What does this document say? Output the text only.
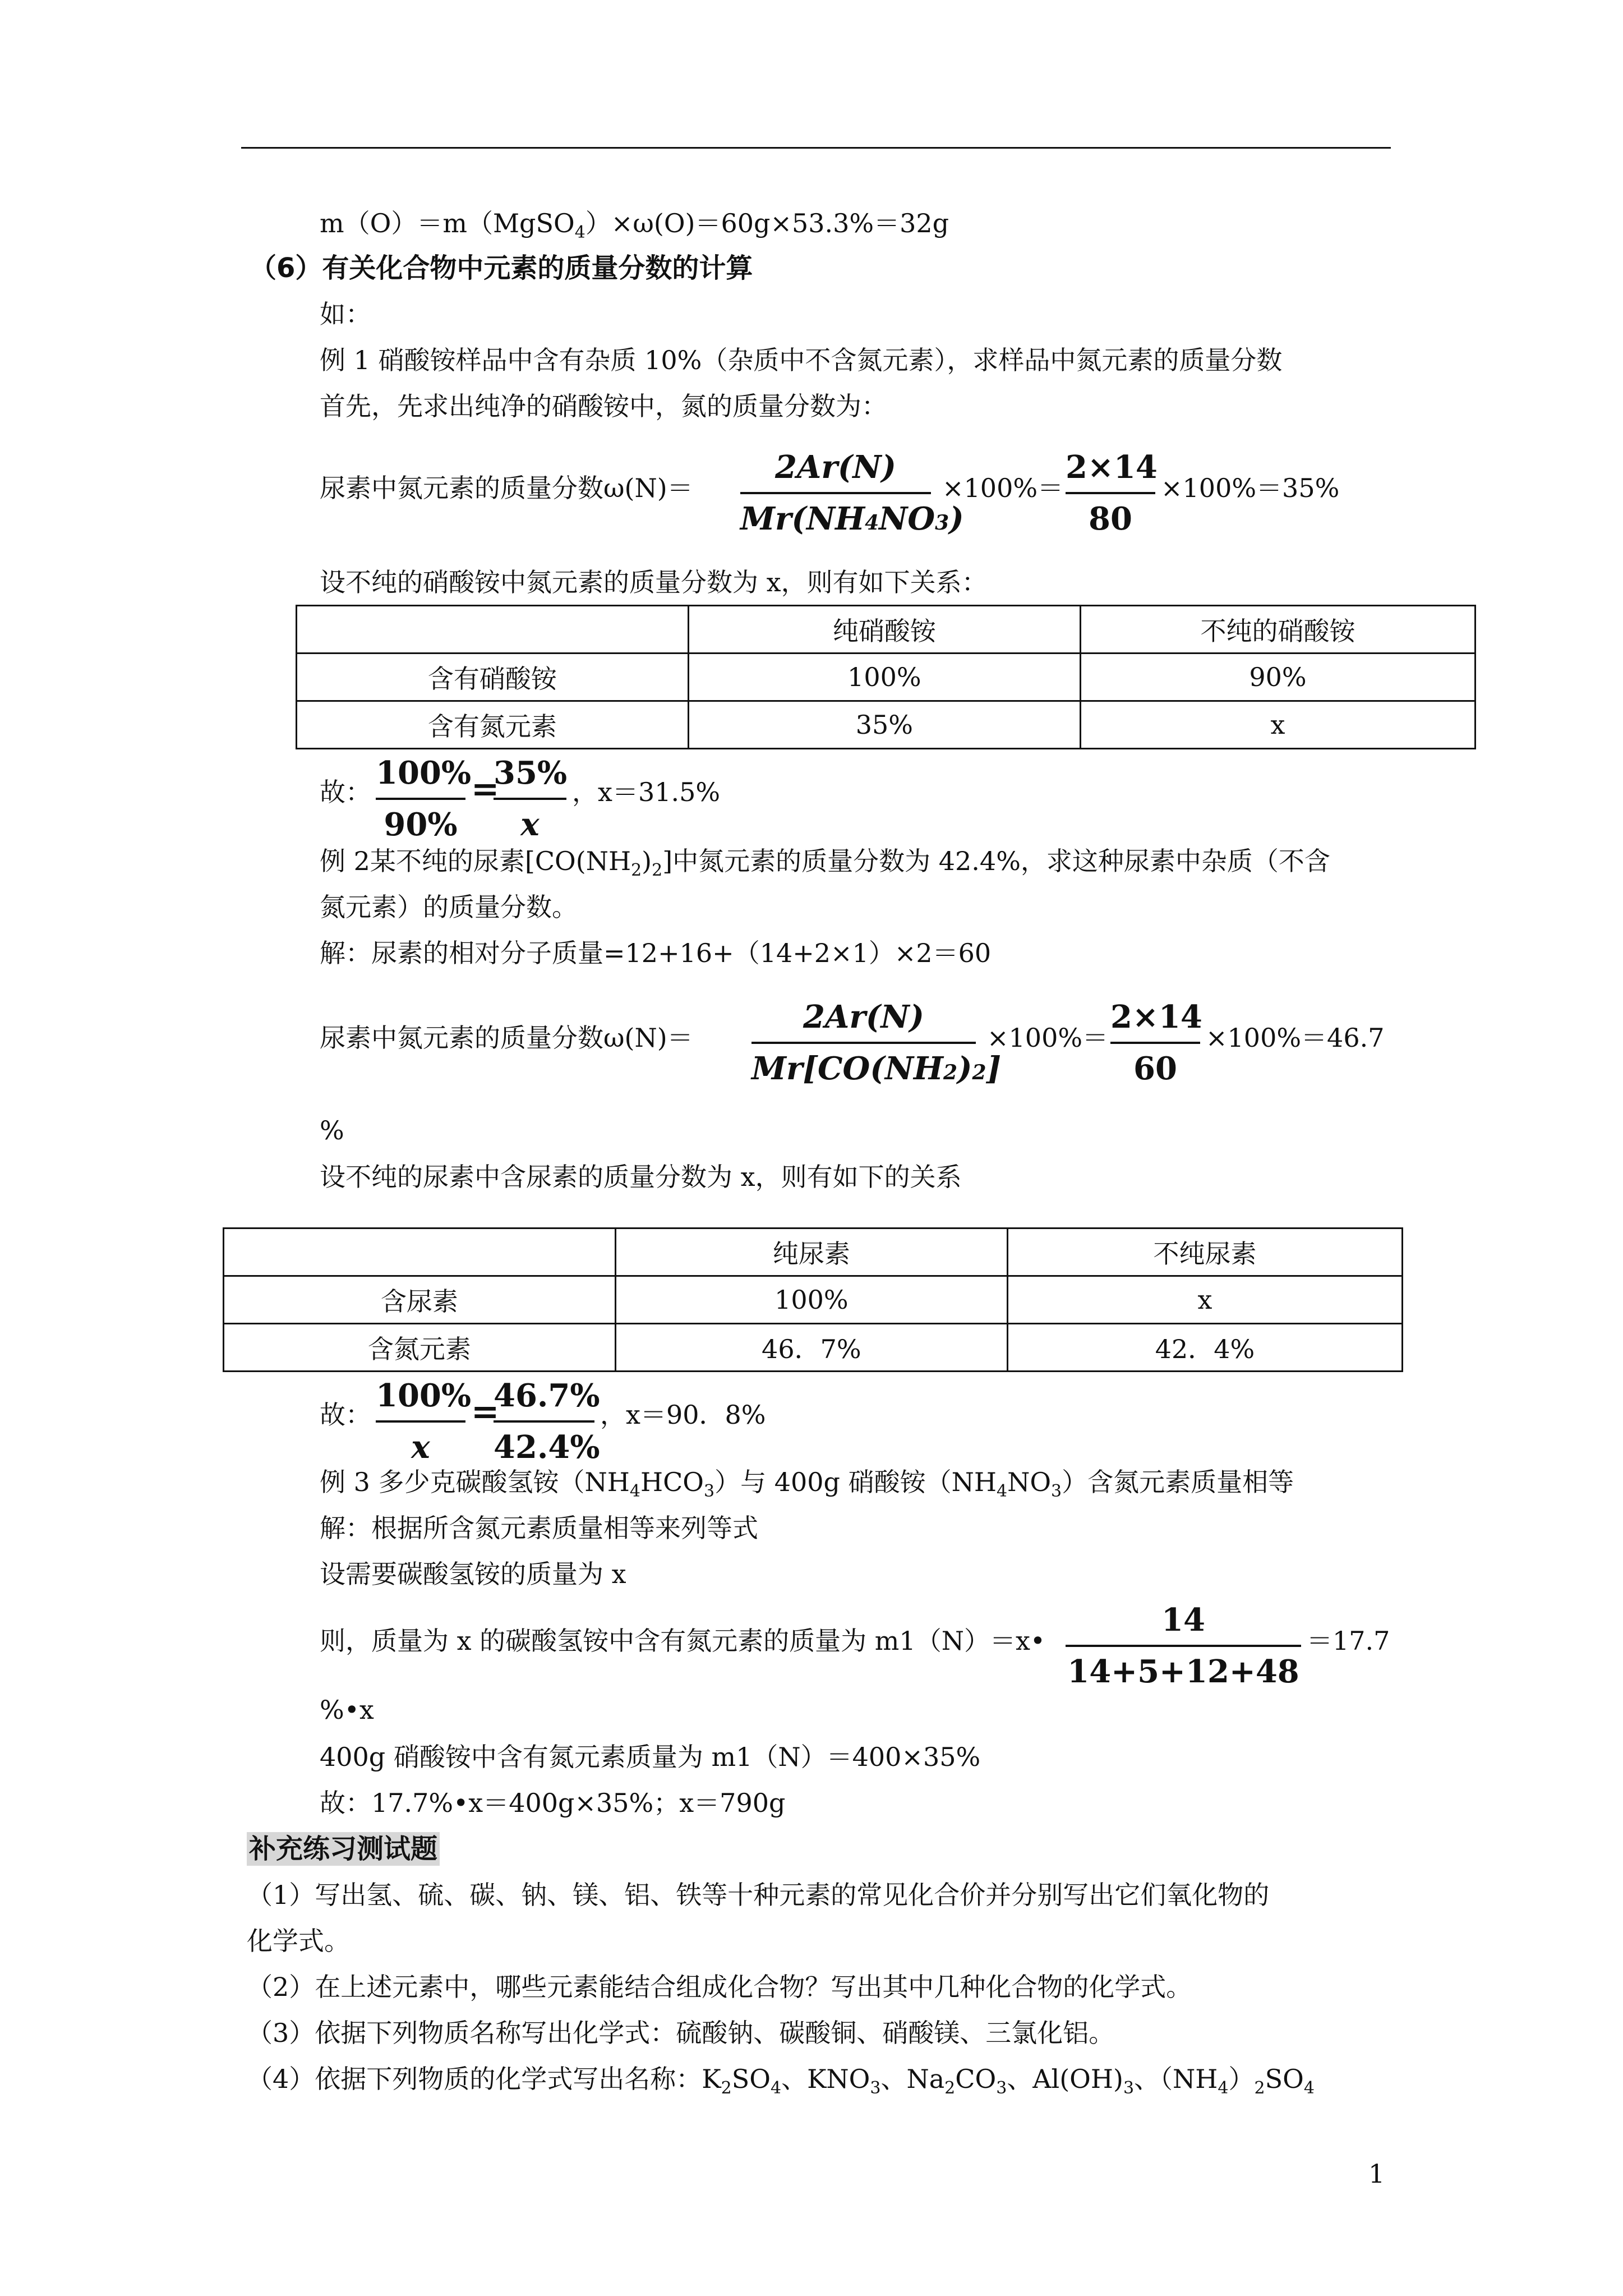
m（O）＝m（MgSO$_4$）×ω(O)＝60g×53.3%＝32g
（6）有关化合物中元素的质量分数的计算
如：
例 1 硝酸铵样品中含有杂质 10%（杂质中不含氮元素），求样品中氮元素的质量分数
首先，先求出纯净的硝酸铵中，氮的质量分数为：
尿素中氮元素的质量分数ω(N)＝
2Ar(N)
Mr(NH4NO3)
×100%＝
2×14
80
×100%＝35%
设不纯的硝酸铵中氮元素的质量分数为 x，则有如下关系：
	纯硝酸铵	不纯的硝酸铵
含有硝酸铵	100%	90%
含有氮元素	35%	x
故：
100%
90%
=
35%
x
，x＝31.5%
例 2某不纯的尿素$[CO(NH_2)_2]$中氮元素的质量分数为 42.4%，求这种尿素中杂质（不含
氮元素）的质量分数。
解：尿素的相对分子质量=12+16+（14+2×1）×2＝60
尿素中氮元素的质量分数ω(N)＝
2Ar(N)
Mr[CO(NH2)2]
×100%＝
2×14
60
×100%＝46.7
%
设不纯的尿素中含尿素的质量分数为 x，则有如下的关系
	纯尿素	不纯尿素
含尿素	100%	x
含氮元素	46．7%	42．4%
故：
100%
x
=
46.7%
42.4%
，x＝90．8%
例 3 多少克碳酸氢铵$(NH_4HCO_3)$与 400g 硝酸铵$(NH_4NO_3)$含氮元素质量相等
解：根据所含氮元素质量相等来列等式
设需要碳酸氢铵的质量为 x
则，质量为 x 的碳酸氢铵中含有氮元素的质量为 m1（N）＝x•
14
14+5+12+48
＝17.7
%•x
400g 硝酸铵中含有氮元素质量为 m1（N）＝400×35%
故：17.7%•x＝400g×35%；x＝790g
补充练习测试题
（1）写出氢、硫、碳、钠、镁、铝、铁等十种元素的常见化合价并分别写出它们氧化物的
化学式。
（2）在上述元素中，哪些元素能结合组成化合物？写出其中几种化合物的化学式。
（3）依据下列物质名称写出化学式：硫酸钠、碳酸铜、硝酸镁、三氯化铝。
（4）依据下列物质的化学式写出名称：$K_2SO_4$、$KNO_3$、$Na_2CO_3$、$Al(OH)_3$、$(NH_4)_2SO_4$
1
